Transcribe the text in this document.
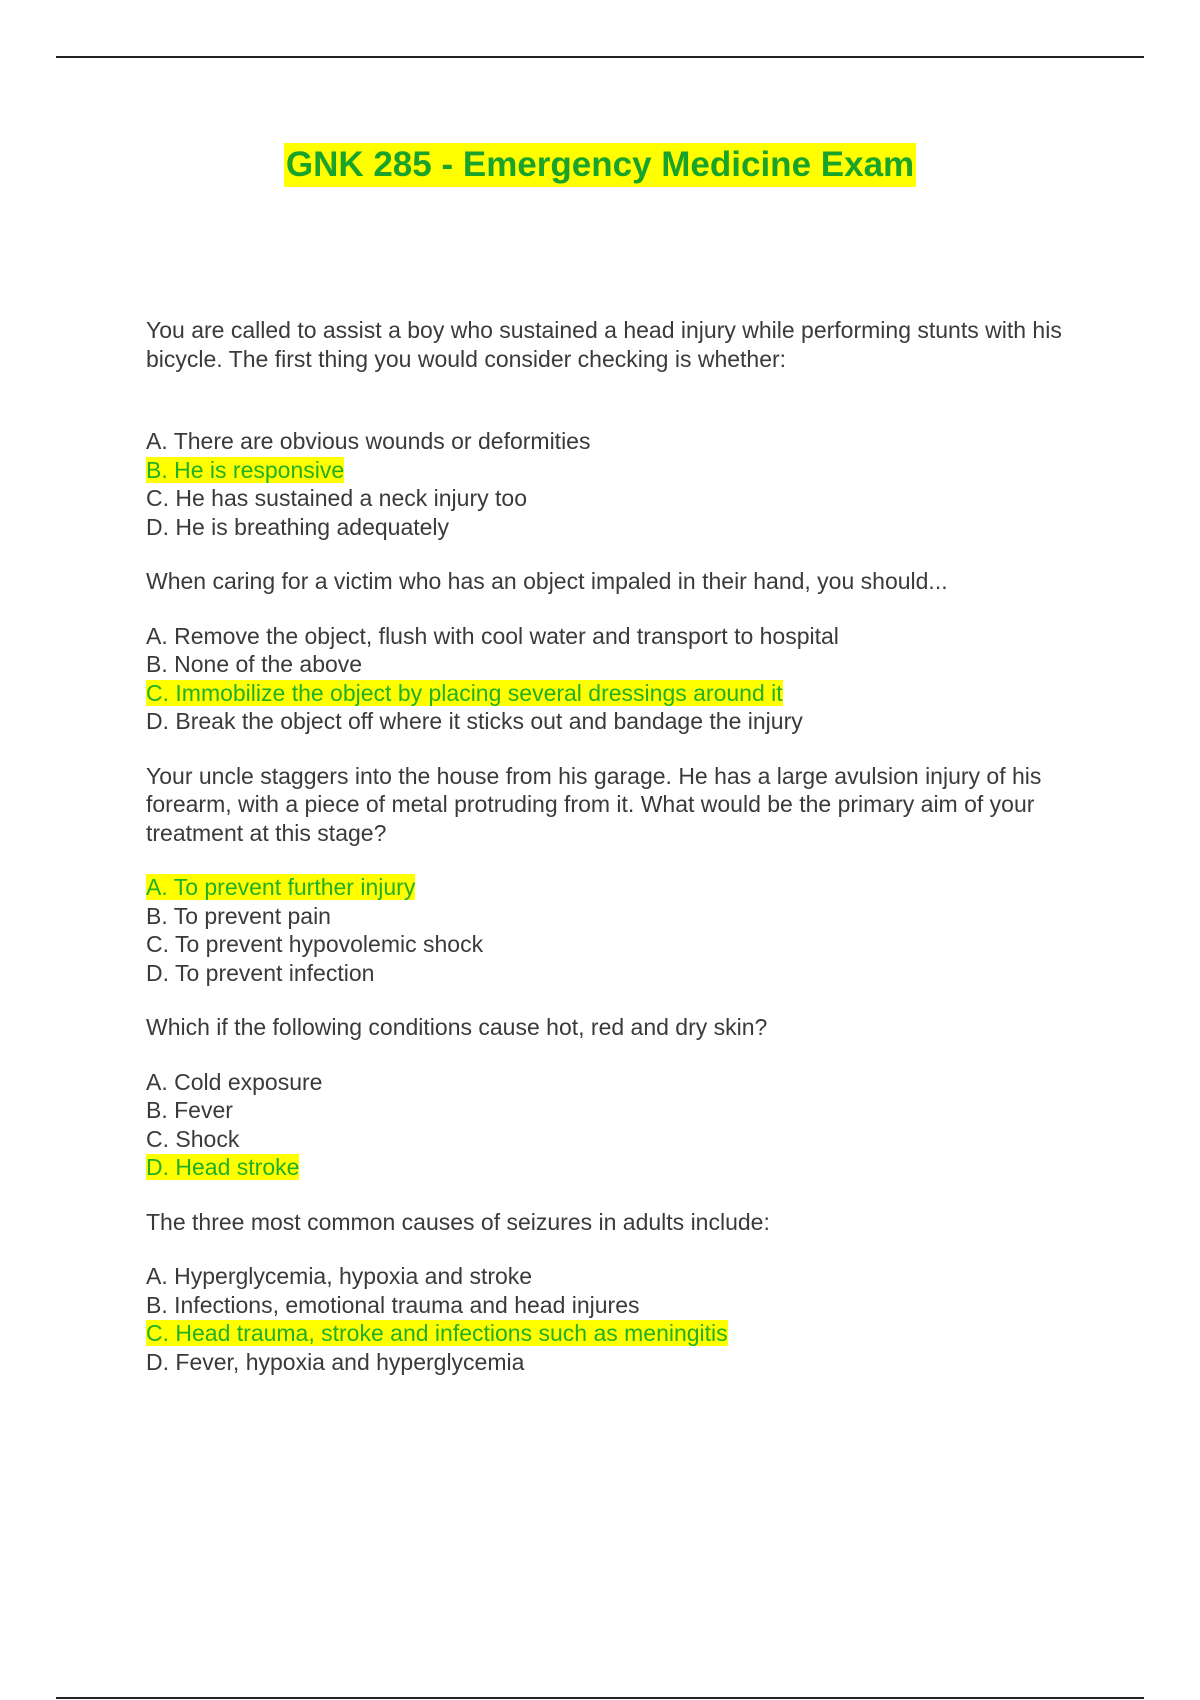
GNK 285 - Emergency Medicine Exam

You are called to assist a boy who sustained a head injury while performing stunts with his bicycle. The first thing you would consider checking is whether:

A. There are obvious wounds or deformities
B. He is responsive
C. He has sustained a neck injury too
D. He is breathing adequately

When caring for a victim who has an object impaled in their hand, you should...

A. Remove the object, flush with cool water and transport to hospital
B. None of the above
C. Immobilize the object by placing several dressings around it
D. Break the object off where it sticks out and bandage the injury

Your uncle staggers into the house from his garage. He has a large avulsion injury of his forearm, with a piece of metal protruding from it. What would be the primary aim of your treatment at this stage?

A. To prevent further injury
B. To prevent pain
C. To prevent hypovolemic shock
D. To prevent infection

Which if the following conditions cause hot, red and dry skin?

A. Cold exposure
B. Fever
C. Shock
D. Head stroke

The three most common causes of seizures in adults include:

A. Hyperglycemia, hypoxia and stroke
B. Infections, emotional trauma and head injures
C. Head trauma, stroke and infections such as meningitis
D. Fever, hypoxia and hyperglycemia
